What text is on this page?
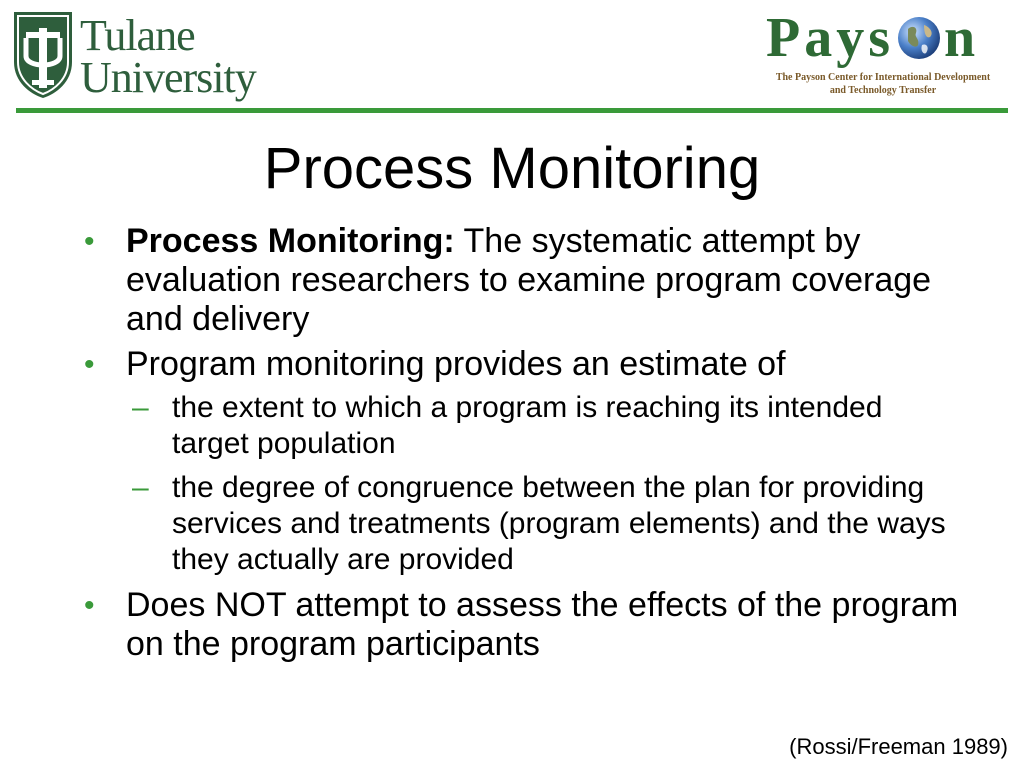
Tulane
University
Pays n
The Payson Center for International Development
and Technology Transfer
Process Monitoring
• Process Monitoring: The systematic attempt by evaluation researchers to examine program coverage and delivery
• Program monitoring provides an estimate of
– the extent to which a program is reaching its intended target population
– the degree of congruence between the plan for providing services and treatments (program elements) and the ways they actually are provided
• Does NOT attempt to assess the effects of the program on the program participants
(Rossi/Freeman 1989)
